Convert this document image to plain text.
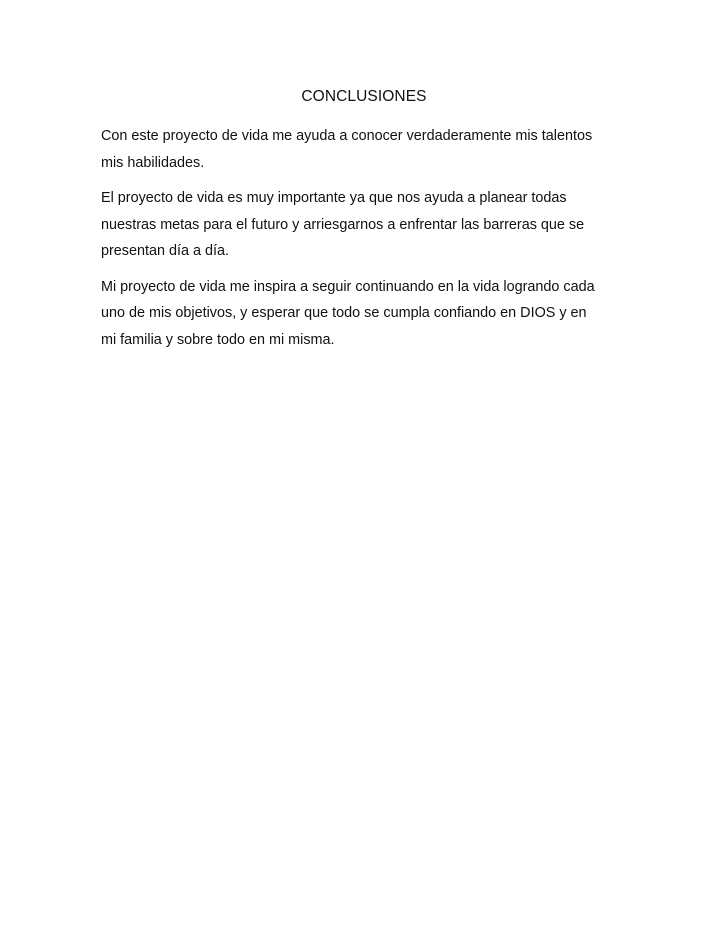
CONCLUSIONES

Con este proyecto de vida me ayuda a conocer verdaderamente mis talentos
mis habilidades.

El proyecto de vida es muy importante ya que nos ayuda a planear todas
nuestras metas para el futuro y arriesgarnos a enfrentar las barreras que se
presentan día a día.

Mi proyecto de vida me inspira a seguir continuando en la vida logrando cada
uno de mis objetivos, y esperar que todo se cumpla confiando en DIOS y en
mi familia y sobre todo en mi misma.
